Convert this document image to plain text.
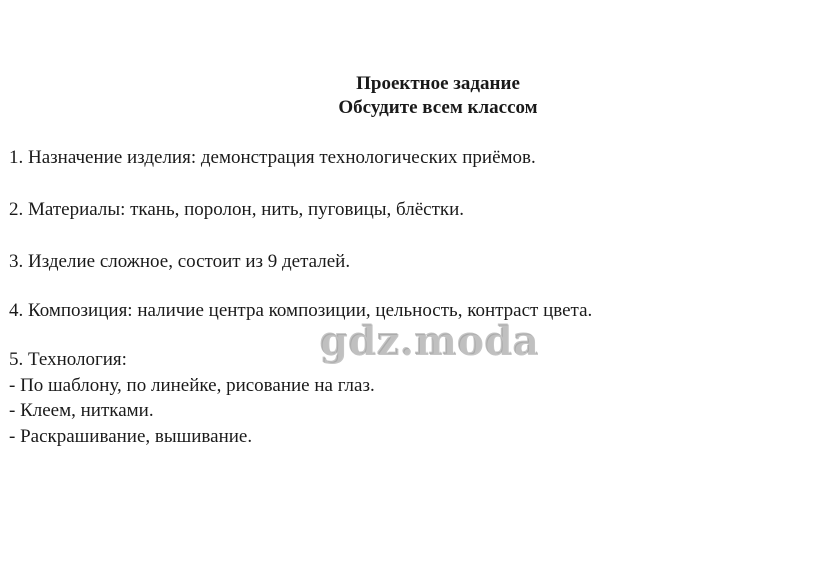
Проектное задание
Обсудите всем классом
1. Назначение изделия: демонстрация технологических приёмов.
2. Материалы: ткань, поролон, нить, пуговицы, блёстки.
3. Изделие сложное, состоит из 9 деталей.
4. Композиция: наличие центра композиции, цельность, контраст цвета.
5. Технология:
- По шаблону, по линейке, рисование на глаз.
- Клеем, нитками.
- Раскрашивание, вышивание.
gdz.moda
